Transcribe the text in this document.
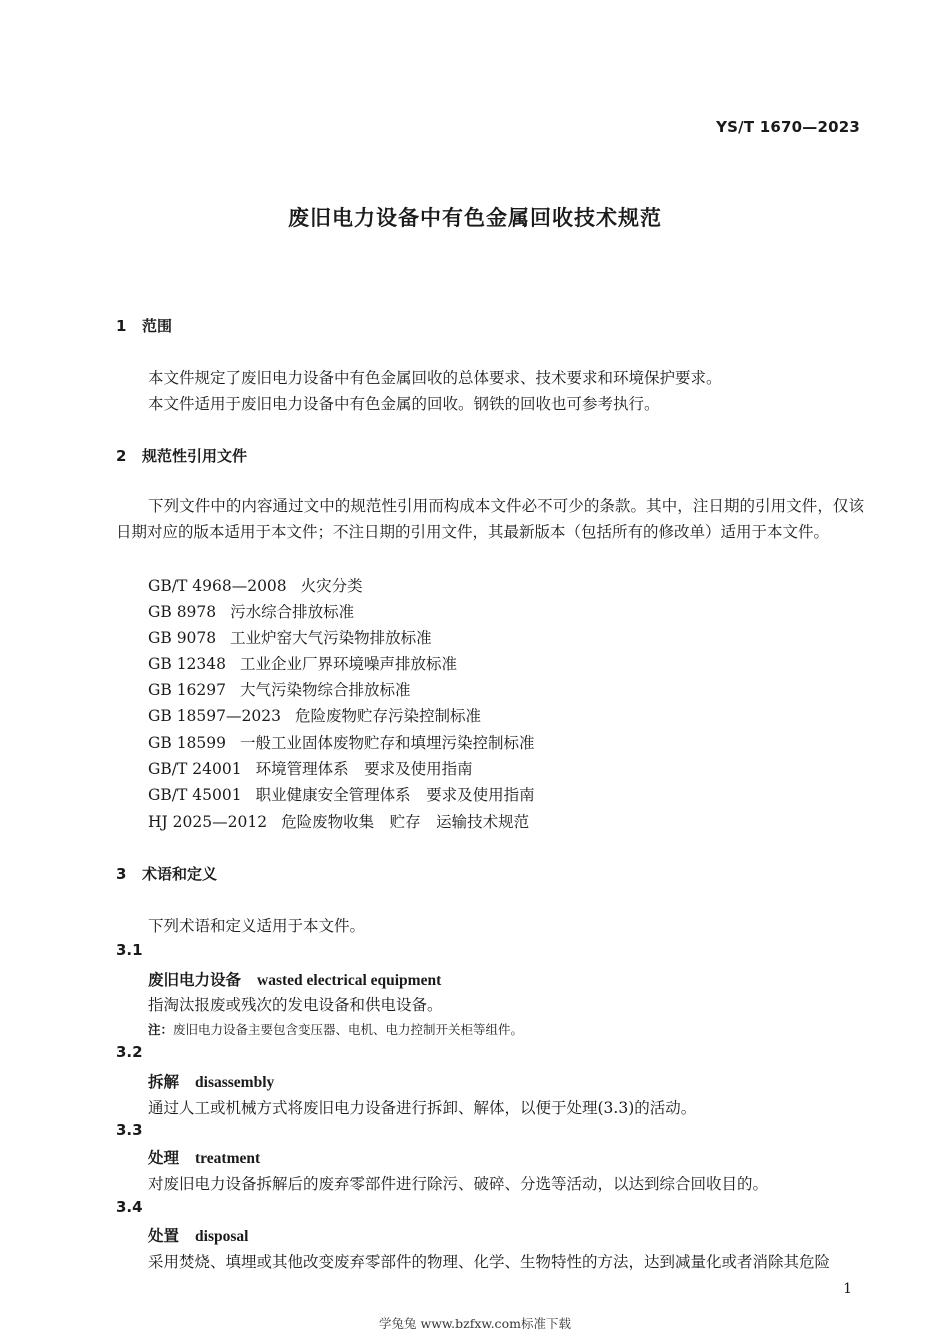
YS/T 1670—2023
废旧电力设备中有色金属回收技术规范
1 范围
本文件规定了废旧电力设备中有色金属回收的总体要求、技术要求和环境保护要求。
本文件适用于废旧电力设备中有色金属的回收。钢铁的回收也可参考执行。
2 规范性引用文件
下列文件中的内容通过文中的规范性引用而构成本文件必不可少的条款。其中，注日期的引用文件，仅该日期对应的版本适用于本文件；不注日期的引用文件，其最新版本（包括所有的修改单）适用于本文件。
GB/T 4968—2008 火灾分类
GB 8978 污水综合排放标准
GB 9078 工业炉窑大气污染物排放标准
GB 12348 工业企业厂界环境噪声排放标准
GB 16297 大气污染物综合排放标准
GB 18597—2023 危险废物贮存污染控制标准
GB 18599 一般工业固体废物贮存和填埋污染控制标准
GB/T 24001 环境管理体系　要求及使用指南
GB/T 45001 职业健康安全管理体系　要求及使用指南
HJ 2025—2012 危险废物收集　贮存　运输技术规范
3 术语和定义
下列术语和定义适用于本文件。
3.1
废旧电力设备 wasted electrical equipment
指淘汰报废或残次的发电设备和供电设备。
注：废旧电力设备主要包含变压器、电机、电力控制开关柜等组件。
3.2
拆解 disassembly
通过人工或机械方式将废旧电力设备进行拆卸、解体，以便于处理(3.3)的活动。
3.3
处理 treatment
对废旧电力设备拆解后的废弃零部件进行除污、破碎、分选等活动，以达到综合回收目的。
3.4
处置 disposal
采用焚烧、填埋或其他改变废弃零部件的物理、化学、生物特性的方法，达到减量化或者消除其危险
1
学兔兔 www.bzfxw.com标准下载
